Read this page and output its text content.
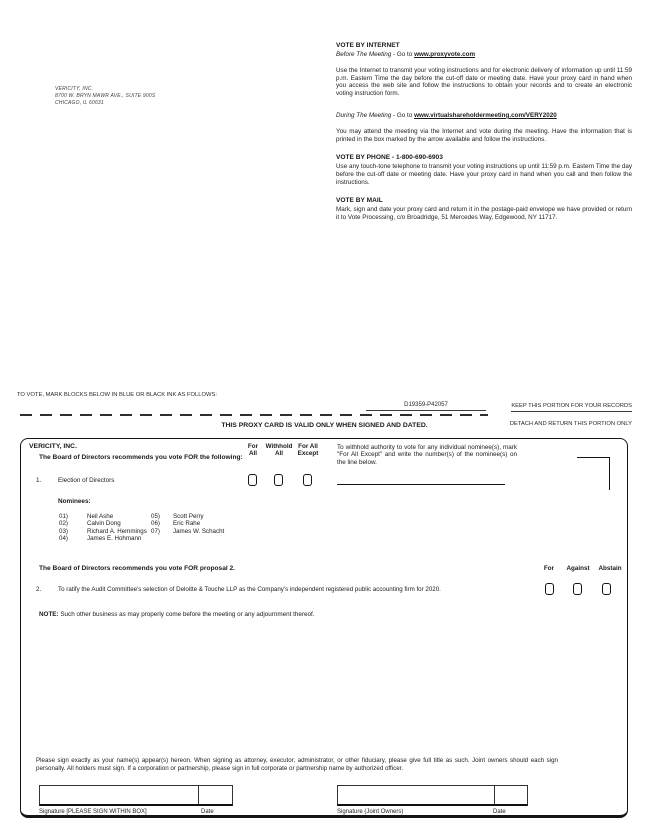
VERICITY, INC.
8700 W. BRYN MAWR AVE., SUITE 900S
CHICAGO, IL 60631
VOTE BY INTERNET
Before The Meeting - Go to www.proxyvote.com
Use the Internet to transmit your voting instructions and for electronic delivery of information up until 11:59 p.m. Eastern Time the day before the cut-off date or meeting date. Have your proxy card in hand when you access the web site and follow the instructions to obtain your records and to create an electronic voting instruction form.
During The Meeting - Go to www.virtualshareholdermeeting.com/VERY2020
You may attend the meeting via the Internet and vote during the meeting. Have the information that is printed in the box marked by the arrow available and follow the instructions.
VOTE BY PHONE - 1-800-690-6903
Use any touch-tone telephone to transmit your voting instructions up until 11:59 p.m. Eastern Time the day before the cut-off date or meeting date. Have your proxy card in hand when you call and then follow the instructions.
VOTE BY MAIL
Mark, sign and date your proxy card and return it in the postage-paid envelope we have provided or return it to Vote Processing, c/o Broadridge, 51 Mercedes Way, Edgewood, NY 11717.
TO VOTE, MARK BLOCKS BELOW IN BLUE OR BLACK INK AS FOLLOWS:
D19359-P42057	KEEP THIS PORTION FOR YOUR RECORDS
THIS PROXY CARD IS VALID ONLY WHEN SIGNED AND DATED.	DETACH AND RETURN THIS PORTION ONLY
VERICITY, INC.
The Board of Directors recommends you vote FOR the following:
For
All
Withhold
All
For All
Except
To withhold authority to vote for any individual nominee(s), mark "For All Except" and write the number(s) of the nominee(s) on the line below.
1.	Election of Directors
Nominees:
01)	Neil Ashe	05)	Scott Perry
02)	Calvin Dong	06)	Eric Rahe
03)	Richard A. Hemmings 07)	James W. Schacht
04)	James E. Hohmann
The Board of Directors recommends you vote FOR proposal 2.	For	Against	Abstain
2.	To ratify the Audit Committee's selection of Deloitte & Touche LLP as the Company's independent registered public accounting firm for 2020.
NOTE: Such other business as may properly come before the meeting or any adjournment thereof.
Please sign exactly as your name(s) appear(s) hereon. When signing as attorney, executor, administrator, or other fiduciary, please give full title as such. Joint owners should each sign personally. All holders must sign. If a corporation or partnership, please sign in full corporate or partnership name by authorized officer.
Signature [PLEASE SIGN WITHIN BOX]	Date	Signature (Joint Owners)	Date
